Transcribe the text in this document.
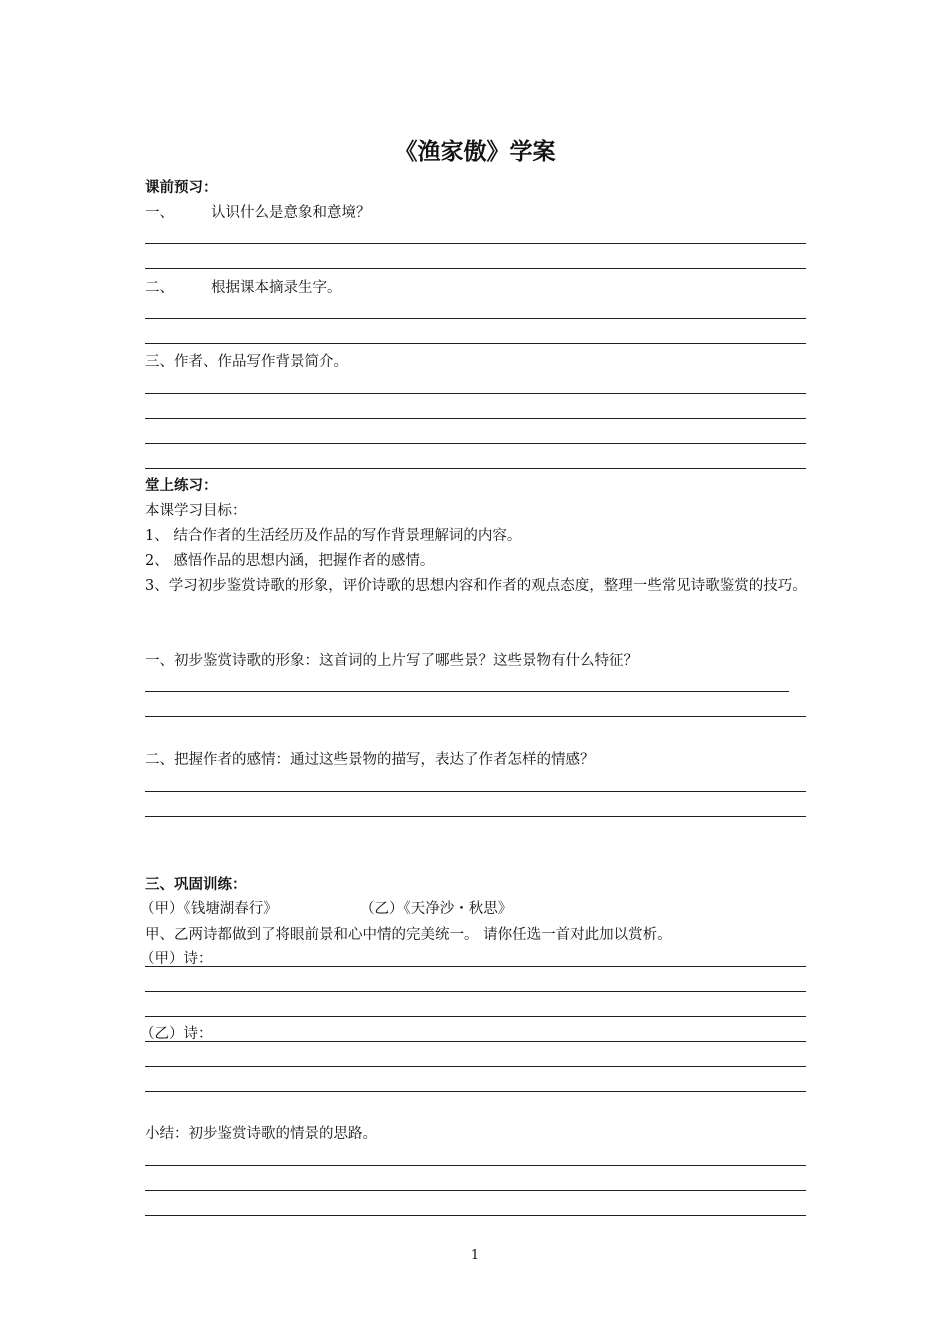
《渔家傲》学案
课前预习：
一、	认识什么是意象和意境？
二、	根据课本摘录生字。
三、作者、作品写作背景简介。
堂上练习：
本课学习目标：
1、 结合作者的生活经历及作品的写作背景理解词的内容。
2、 感悟作品的思想内涵，把握作者的感情。
3、学习初步鉴赏诗歌的形象，评价诗歌的思想内容和作者的观点态度，整理一些常见诗歌鉴赏的技巧。
一、初步鉴赏诗歌的形象：这首词的上片写了哪些景？这些景物有什么特征？
二、把握作者的感情：通过这些景物的描写，表达了作者怎样的情感？
三、巩固训练：
（甲）《钱塘湖春行》	（乙）《天净沙・秋思》
甲、乙两诗都做到了将眼前景和心中情的完美统一。 请你任选一首对此加以赏析。
（甲）诗：
（乙）诗：
小结：初步鉴赏诗歌的情景的思路。
1
